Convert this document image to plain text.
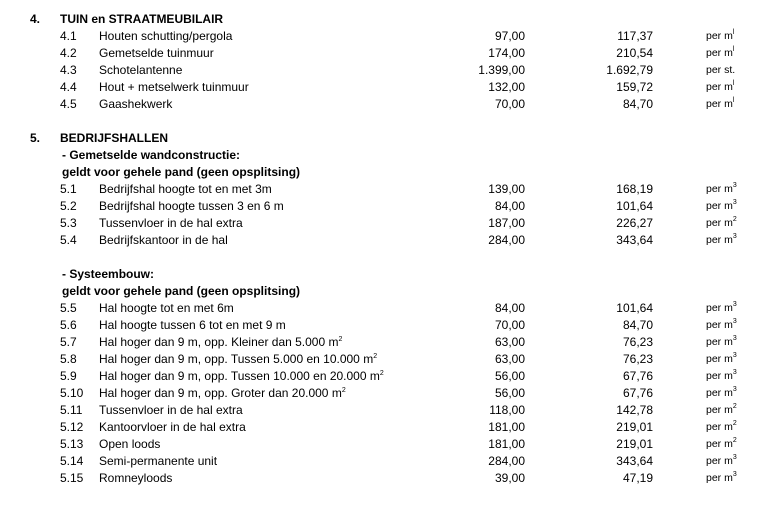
4. TUIN en STRAATMEUBILAIR
4.1 Houten schutting/pergola	97,00	117,37	per $m^l$
4.2 Gemetselde tuinmuur	174,00	210,54	per $m^l$
4.3 Schotelantenne	1.399,00	1.692,79	per st.
4.4 Hout + metselwerk tuinmuur	132,00	159,72	per $m^l$
4.5 Gaashekwerk	70,00	84,70	per $m^l$
5. BEDRIJFSHALLEN
- Gemetselde wandconstructie:
geldt voor gehele pand (geen opsplitsing)
5.1 Bedrijfshal hoogte tot en met 3m	139,00	168,19	per $m^3$
5.2 Bedrijfshal hoogte tussen 3 en 6 m	84,00	101,64	per $m^3$
5.3 Tussenvloer in de hal extra	187,00	226,27	per $m^2$
5.4 Bedrijfskantoor in de hal	284,00	343,64	per $m^3$
- Systeembouw:
geldt voor gehele pand (geen opsplitsing)
5.5 Hal hoogte tot en met 6m	84,00	101,64	per $m^3$
5.6 Hal hoogte tussen 6 tot en met 9 m	70,00	84,70	per $m^3$
5.7 Hal hoger dan 9 m, opp. Kleiner dan 5.000 $m^2$	63,00	76,23	per $m^3$
5.8 Hal hoger dan 9 m, opp. Tussen 5.000 en 10.000 $m^2$	63,00	76,23	per $m^3$
5.9 Hal hoger dan 9 m, opp. Tussen 10.000 en 20.000 $m^2$	56,00	67,76	per $m^3$
5.10 Hal hoger dan 9 m, opp. Groter dan 20.000 $m^2$	56,00	67,76	per $m^3$
5.11 Tussenvloer in de hal extra	118,00	142,78	per $m^2$
5.12 Kantoorvloer in de hal extra	181,00	219,01	per $m^2$
5.13 Open loods	181,00	219,01	per $m^2$
5.14 Semi-permanente unit	284,00	343,64	per $m^3$
5.15 Romneyloods	39,00	47,19	per $m^3$
